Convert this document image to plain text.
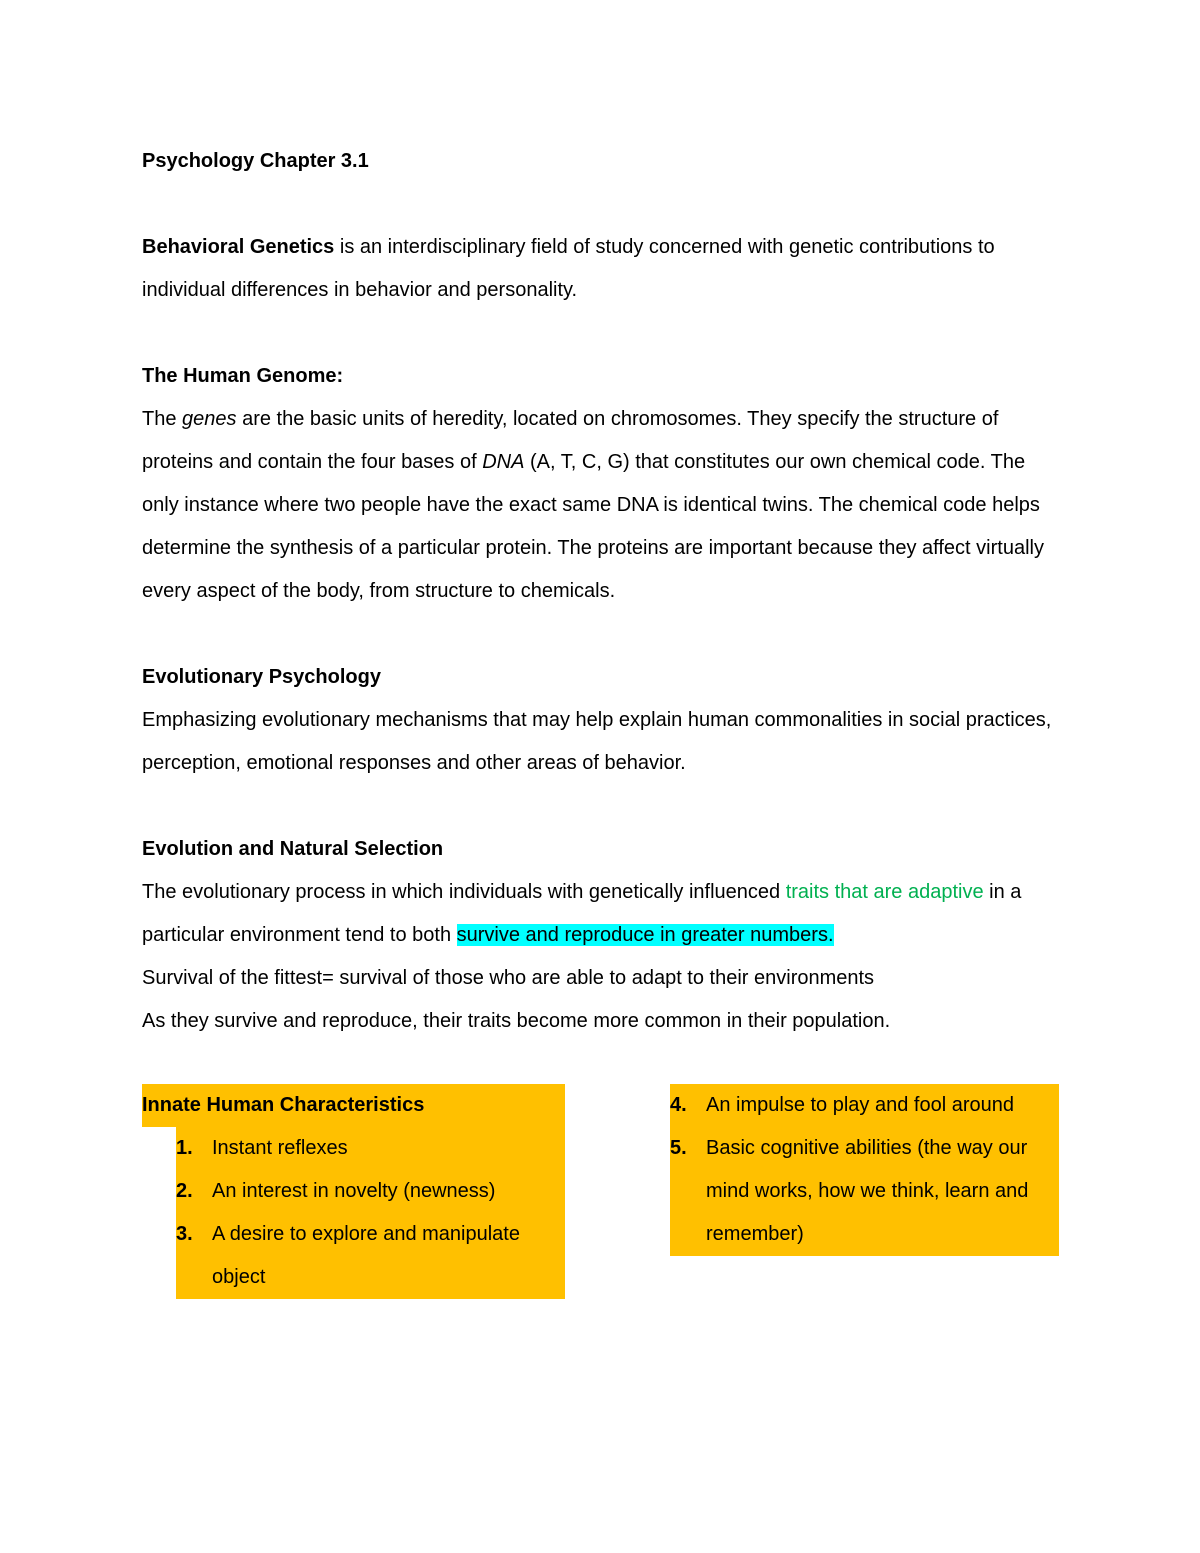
Psychology Chapter 3.1

Behavioral Genetics is an interdisciplinary field of study concerned with genetic contributions to individual differences in behavior and personality.

The Human Genome:

The genes are the basic units of heredity, located on chromosomes. They specify the structure of proteins and contain the four bases of DNA (A, T, C, G) that constitutes our own chemical code. The only instance where two people have the exact same DNA is identical twins. The chemical code helps determine the synthesis of a particular protein. The proteins are important because they affect virtually every aspect of the body, from structure to chemicals.

Evolutionary Psychology

Emphasizing evolutionary mechanisms that may help explain human commonalities in social practices, perception, emotional responses and other areas of behavior.

Evolution and Natural Selection

The evolutionary process in which individuals with genetically influenced traits that are adaptive in a particular environment tend to both survive and reproduce in greater numbers.

Survival of the fittest= survival of those who are able to adapt to their environments

As they survive and reproduce, their traits become more common in their population.

Innate Human Characteristics
1. Instant reflexes
2. An interest in novelty (newness)
3. A desire to explore and manipulate object
4. An impulse to play and fool around
5. Basic cognitive abilities (the way our mind works, how we think, learn and remember)
